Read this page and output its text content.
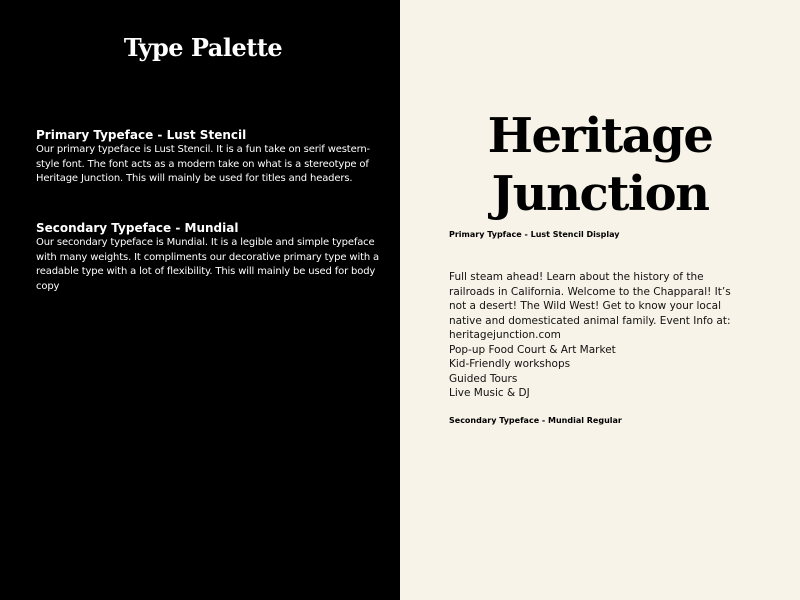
Type Palette
Primary Typeface - Lust Stencil

Our primary typeface is Lust Stencil. It is a fun take on serif western-style font. The font acts as a modern take on what is a stereotype of Heritage Junction. This will mainly be used for titles and headers.

Secondary Typeface - Mundial

Our secondary typeface is Mundial. It is a legible and simple typeface with many weights. It compliments our decorative primary type with a readable type with a lot of flexibility. This will mainly be used for body copy

Heritage
Junction
Primary Typface - Lust Stencil Display

Full steam ahead! Learn about the history of the railroads in California. Welcome to the Chapparal! It’s not a desert! The Wild West! Get to know your local native and domesticated animal family. Event Info at: heritagejunction.com

Pop-up Food Court & Art Market
Kid-Friendly workshops
Guided Tours
Live Music & DJ
Secondary Typeface - Mundial Regular
